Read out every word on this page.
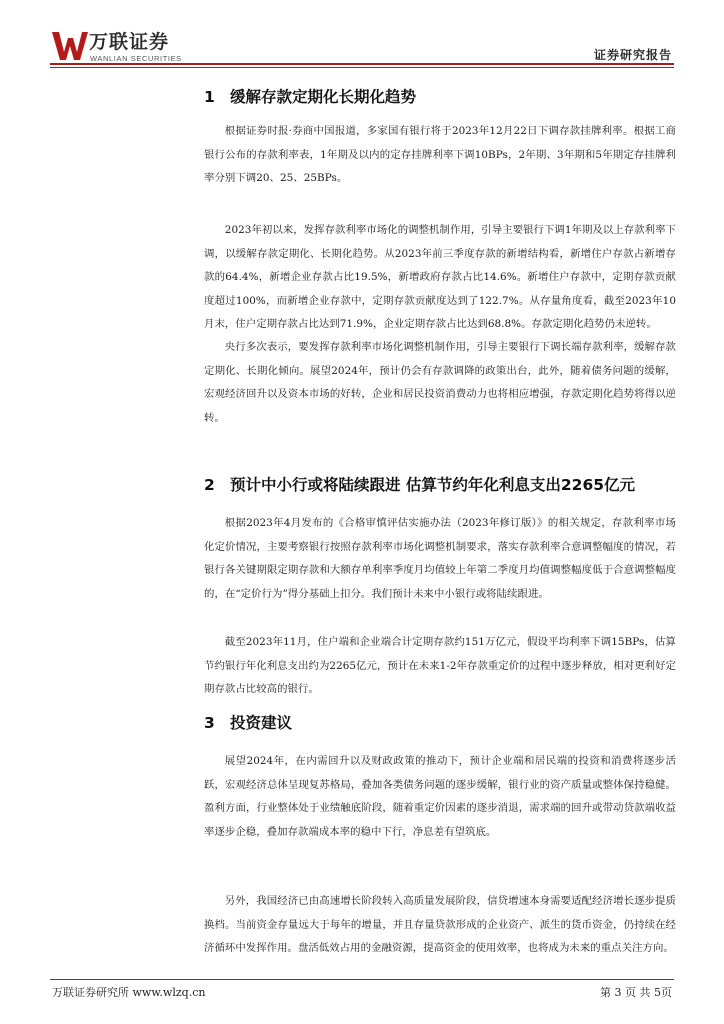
万联证券
WANLIAN SECURITIES	证券研究报告
1 缓解存款定期化长期化趋势

根据证券时报·券商中国报道，多家国有银行将于2023年12月22日下调存款挂牌利率。根据工商银行公布的存款利率表，1年期及以内的定存挂牌利率下调10BPs，2年期、3年期和5年期定存挂牌利率分别下调20、25、25BPs。

2023年初以来，发挥存款利率市场化的调整机制作用，引导主要银行下调1年期及以上存款利率下调，以缓解存款定期化、长期化趋势。从2023年前三季度存款的新增结构看，新增住户存款占新增存款的64.4%，新增企业存款占比19.5%，新增政府存款占比14.6%。新增住户存款中，定期存款贡献度超过100%，而新增企业存款中，定期存款贡献度达到了122.7%。从存量角度看，截至2023年10月末，住户定期存款占比达到71.9%，企业定期存款占比达到68.8%。存款定期化趋势仍未逆转。

央行多次表示，要发挥存款利率市场化调整机制作用，引导主要银行下调长端存款利率，缓解存款定期化、长期化倾向。展望2024年，预计仍会有存款调降的政策出台，此外，随着债务问题的缓解，宏观经济回升以及资本市场的好转，企业和居民投资消费动力也将相应增强，存款定期化趋势将得以逆转。

2 预计中小行或将陆续跟进 估算节约年化利息支出2265亿元

根据2023年4月发布的《合格审慎评估实施办法（2023年修订版）》的相关规定，存款利率市场化定价情况，主要考察银行按照存款利率市场化调整机制要求，落实存款利率合意调整幅度的情况，若银行各关键期限定期存款和大额存单利率季度月均值较上年第二季度月均值调整幅度低于合意调整幅度的，在“定价行为”得分基础上扣分。我们预计未来中小银行或将陆续跟进。

截至2023年11月，住户端和企业端合计定期存款约151万亿元，假设平均利率下调15BPs，估算节约银行年化利息支出约为2265亿元，预计在未来1-2年存款重定价的过程中逐步释放，相对更利好定期存款占比较高的银行。

3 投资建议

展望2024年，在内需回升以及财政政策的推动下，预计企业端和居民端的投资和消费将逐步活跃，宏观经济总体呈现复苏格局，叠加各类债务问题的逐步缓解，银行业的资产质量或整体保持稳健。盈利方面，行业整体处于业绩触底阶段，随着重定价因素的逐步消退，需求端的回升或带动贷款端收益率逐步企稳，叠加存款端成本率的稳中下行，净息差有望筑底。

另外，我国经济已由高速增长阶段转入高质量发展阶段，信贷增速本身需要适配经济增长逐步提质换档。当前资金存量远大于每年的增量，并且存量贷款形成的企业资产、派生的货币资金，仍持续在经济循环中发挥作用。盘活低效占用的金融资源，提高资金的使用效率，也将成为未来的重点关注方向。

万联证券研究所 www.wlzq.cn	第 3 页 共 5页
